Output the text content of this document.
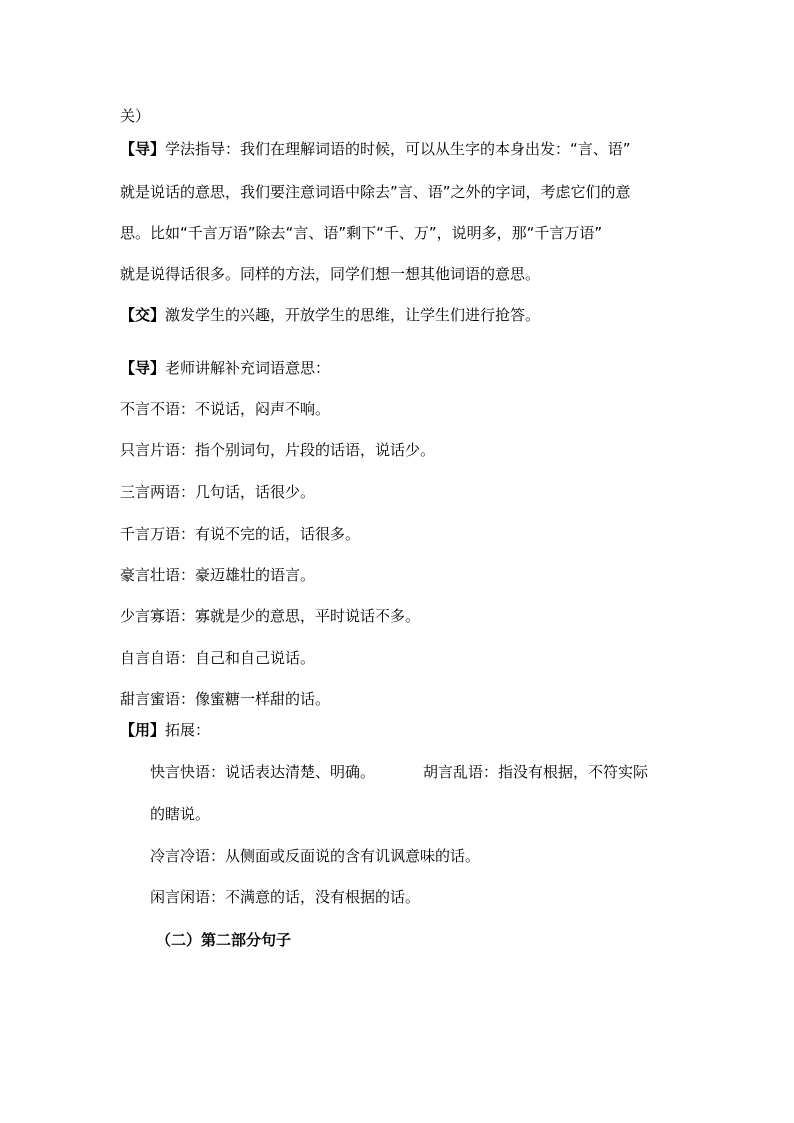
关）
【导】学法指导：我们在理解词语的时候，可以从生字的本身出发：“言、语”
就是说话的意思，我们要注意词语中除去”言、语”之外的字词，考虑它们的意
思。比如“千言万语”除去“言、语”剩下“千、万”，说明多，那“千言万语”
就是说得话很多。同样的方法，同学们想一想其他词语的意思。
【交】激发学生的兴趣，开放学生的思维，让学生们进行抢答。
【导】老师讲解补充词语意思：
不言不语：不说话，闷声不响。
只言片语：指个别词句，片段的话语，说话少。
三言两语：几句话，话很少。
千言万语：有说不完的话，话很多。
豪言壮语：豪迈雄壮的语言。
少言寡语：寡就是少的意思，平时说话不多。
自言自语：自己和自己说话。
甜言蜜语：像蜜糖一样甜的话。
【用】拓展：
快言快语：说话表达清楚、明确。	胡言乱语：指没有根据，不符实际
的瞎说。
冷言冷语：从侧面或反面说的含有讥讽意味的话。
闲言闲语：不满意的话，没有根据的话。
（二）第二部分句子
